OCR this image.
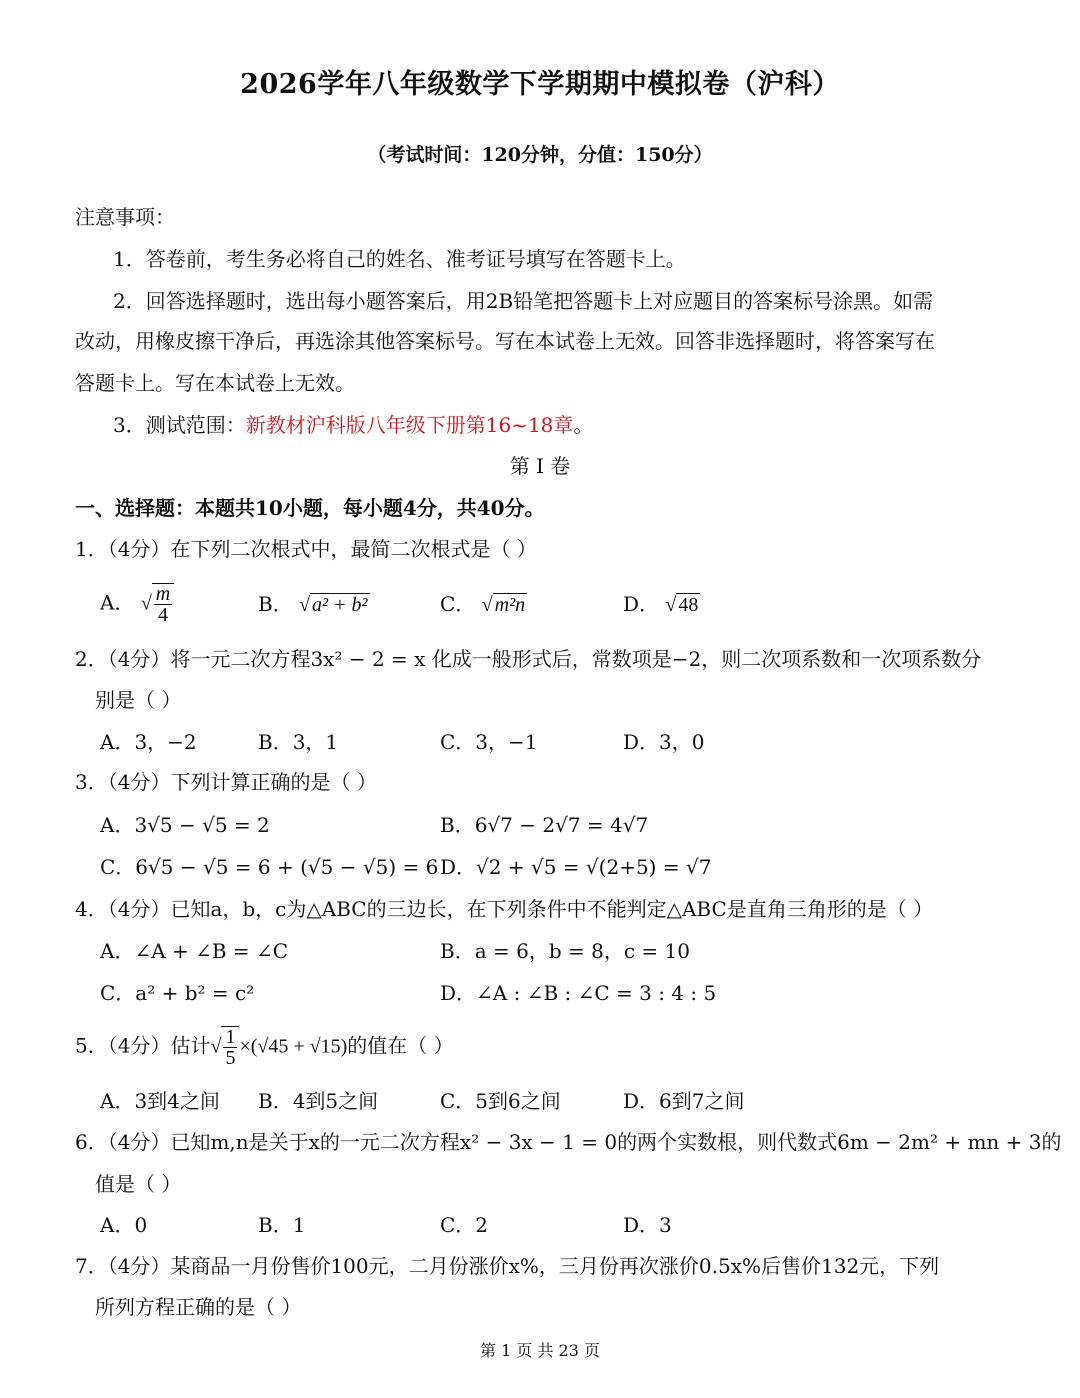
2026学年八年级数学下学期期中模拟卷（沪科）
（考试时间：120分钟，分值：150分）
注意事项：
1．答卷前，考生务必将自己的姓名、准考证号填写在答题卡上。
2．回答选择题时，选出每小题答案后，用2B铅笔把答题卡上对应题目的答案标号涂黑。如需
改动，用橡皮擦干净后，再选涂其他答案标号。写在本试卷上无效。回答非选择题时，将答案写在
答题卡上。写在本试卷上无效。
3．测试范围：新教材沪科版八年级下册第16~18章。
第 I 卷
一、选择题：本题共10小题，每小题4分，共40分。
1．（4分）在下列二次根式中，最简二次根式是（ ）
A． √ $\frac{m}{4}$	B． √ a² + b²	C． √ m²n	D． √ 48
2．（4分）将一元二次方程3x² − 2 = x 化成一般形式后，常数项是−2，则二次项系数和一次项系数分
别是（ ）
A．3，−2	B．3，1	C．3，−1	D．3，0
3．（4分）下列计算正确的是（ ）
A．3√5 − √5 = 2	B．6√7 − 2√7 = 4√7
C．6√5 − √5 = 6 + (√5 − √5) = 6 D．√2 + √5 = √(2+5) = √7
4．（4分）已知a，b，c为△ABC的三边长，在下列条件中不能判定△ABC是直角三角形的是（ ）
A．∠A + ∠B = ∠C	B．a = 6，b = 8，c = 10
C．a² + b² = c²	D．∠A : ∠B : ∠C = 3 : 4 : 5
5．（4分）估计√ $\frac{1}{5} \times(√45 + √15)$的值在（ ）
A．3到4之间 B．4到5之间	C．5到6之间	D．6到7之间
6．（4分）已知m,n是关于x的一元二次方程x² − 3x − 1 = 0的两个实数根，则代数式6m − 2m² + mn + 3的
值是（ ）
A．0	B．1	C．2	D．3
7．（4分）某商品一月份售价100元，二月份涨价x%，三月份再次涨价0.5x%后售价132元，下列
所列方程正确的是（ ）
第 1 页 共 23 页
